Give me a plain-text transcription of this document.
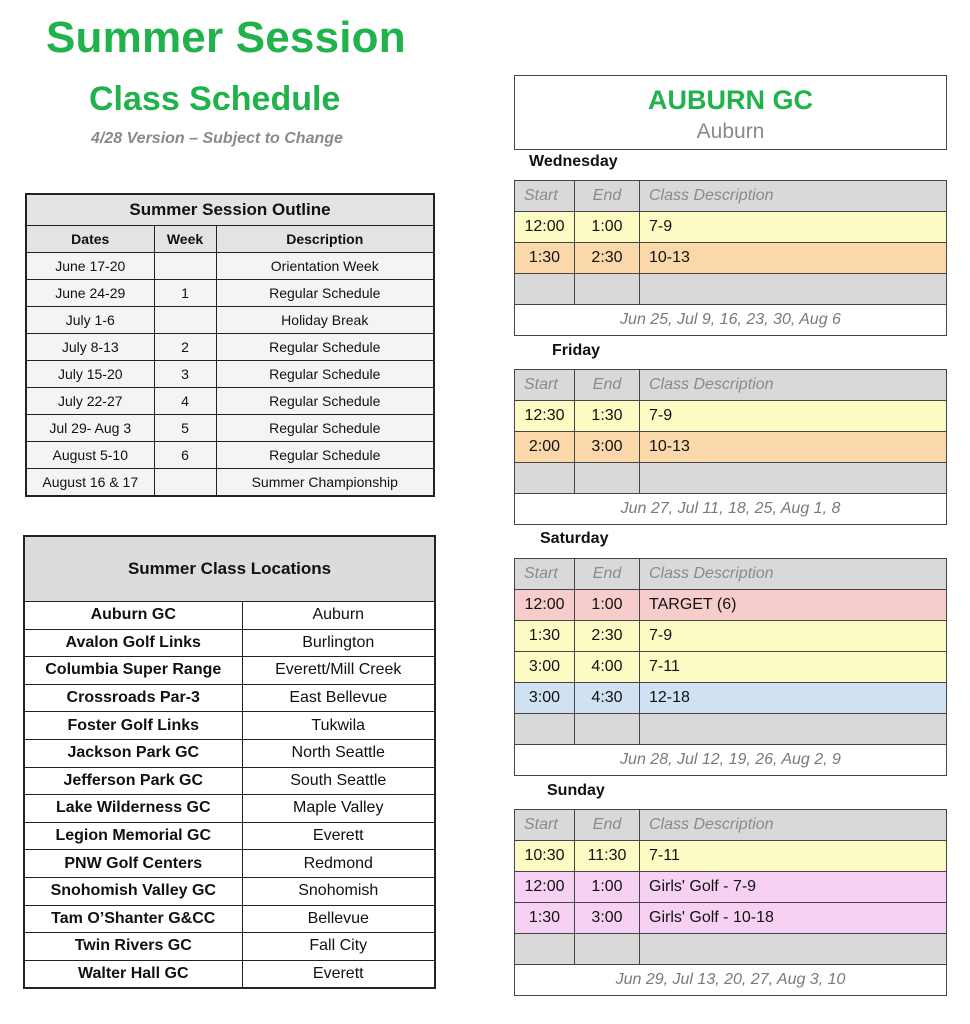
Summer Session
Class Schedule
4/28 Version – Subject to Change
Summer Session Outline		
Dates	Week	Description
June 17-20		Orientation Week
June 24-29	1	Regular Schedule
July 1-6		Holiday Break
July 8-13	2	Regular Schedule
July 15-20	3	Regular Schedule
July 22-27	4	Regular Schedule
Jul 29- Aug 3	5	Regular Schedule
August 5-10	6	Regular Schedule
August 16 & 17		Summer Championship
Summer Class Locations	
Auburn GC	Auburn
Avalon Golf Links	Burlington
Columbia Super Range	Everett/Mill Creek
Crossroads Par-3	East Bellevue
Foster Golf Links	Tukwila
Jackson Park GC	North Seattle
Jefferson Park GC	South Seattle
Lake Wilderness GC	Maple Valley
Legion Memorial GC	Everett
PNW Golf Centers	Redmond
Snohomish Valley GC	Snohomish
Tam O’Shanter G&CC	Bellevue
Twin Rivers GC	Fall City
Walter Hall GC	Everett
AUBURN GC
Auburn
Wednesday
Start	End	Class Description
12:00	1:00	7-9
1:30	2:30	10-13

Jun 25, Jul 9, 16, 23, 30, Aug 6		
Friday
Start	End	Class Description
12:30	1:30	7-9
2:00	3:00	10-13

Jun 27, Jul 11, 18, 25, Aug 1, 8		
Saturday
Start	End	Class Description
12:00	1:00	TARGET (6)
1:30	2:30	7-9
3:00	4:00	7-11
3:00	4:30	12-18

Jun 28, Jul 12, 19, 26, Aug 2, 9		
Sunday
Start	End	Class Description
10:30	11:30	7-11
12:00	1:00	Girls' Golf - 7-9
1:30	3:00	Girls' Golf - 10-18

Jun 29, Jul 13, 20, 27, Aug 3, 10		
